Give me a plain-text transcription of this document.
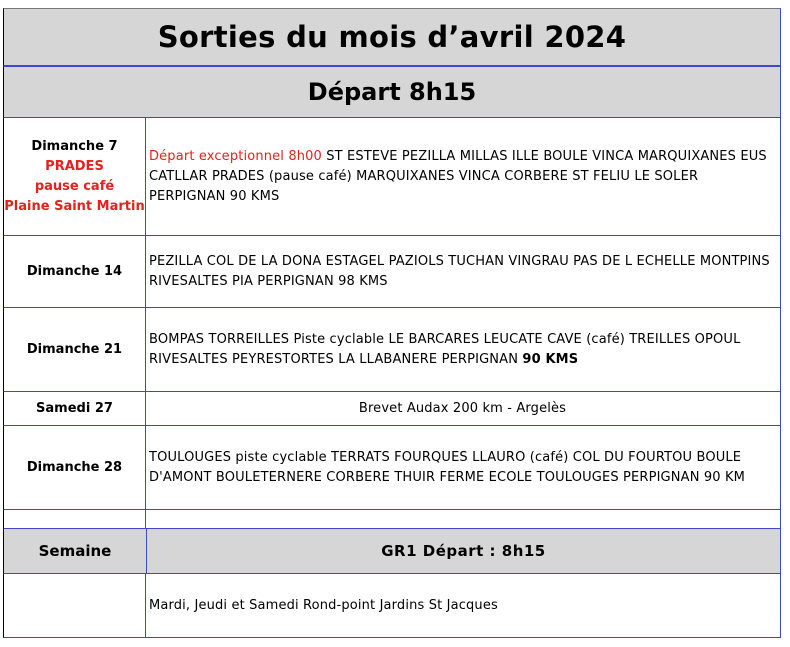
Sorties du mois d’avril 2024
Départ 8h15
Dimanche 7
PRADES
pause café
Plaine Saint Martin
Départ exceptionnel 8h00 ST ESTEVE PEZILLA MILLAS ILLE BOULE VINCA MARQUIXANES EUS CATLLAR PRADES (pause café) MARQUIXANES VINCA CORBERE ST FELIU LE SOLER PERPIGNAN 90 KMS
Dimanche 14
PEZILLA COL DE LA DONA ESTAGEL PAZIOLS TUCHAN VINGRAU PAS DE L ECHELLE MONTPINS RIVESALTES PIA PERPIGNAN 98 KMS
Dimanche 21
BOMPAS TORREILLES Piste cyclable LE BARCARES LEUCATE CAVE (café) TREILLES OPOUL RIVESALTES PEYRESTORTES LA LLABANERE PERPIGNAN 90 KMS
Samedi 27	Brevet Audax 200 km - Argelès
Dimanche 28
TOULOUGES piste cyclable TERRATS FOURQUES LLAURO (café) COL DU FOURTOU BOULE D'AMONT BOULETERNERE CORBERE THUIR FERME ECOLE TOULOUGES PERPIGNAN 90 KM
Semaine	GR1 Départ : 8h15
Mardi, Jeudi et Samedi Rond-point Jardins St Jacques
